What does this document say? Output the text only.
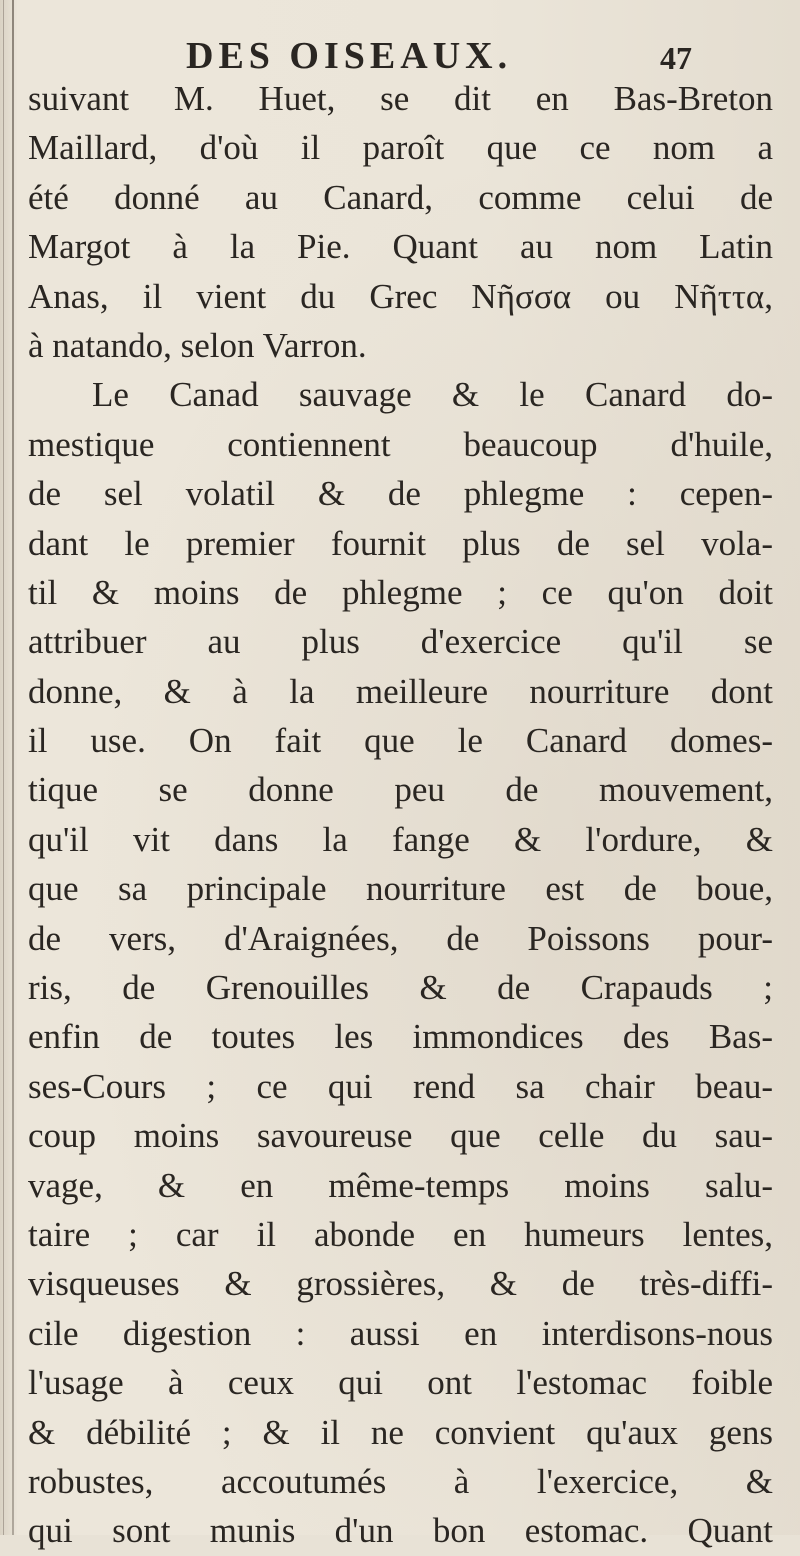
DES OISEAUX.	47
suivant M. Huet, se dit en Bas-Breton
Maillard, d'où il paroît que ce nom a
été donné au Canard, comme celui de
Margot à la Pie. Quant au nom Latin
Anas, il vient du Grec Νῆσσα ou Νῆττα,
à natando, selon Varron.
Le Canad sauvage & le Canard do-
mestique contiennent beaucoup d'huile,
de sel volatil & de phlegme : cepen-
dant le premier fournit plus de sel vola-
til & moins de phlegme ; ce qu'on doit
attribuer au plus d'exercice qu'il se
donne, & à la meilleure nourriture dont
il use. On fait que le Canard domes-
tique se donne peu de mouvement,
qu'il vit dans la fange & l'ordure, &
que sa principale nourriture est de boue,
de vers, d'Araignées, de Poissons pour-
ris, de Grenouilles & de Crapauds ;
enfin de toutes les immondices des Bas-
ses-Cours ; ce qui rend sa chair beau-
coup moins savoureuse que celle du sau-
vage, & en même-temps moins salu-
taire ; car il abonde en humeurs lentes,
visqueuses & grossières, & de très-diffi-
cile digestion : aussi en interdisons-nous
l'usage à ceux qui ont l'estomac foible
& débilité ; & il ne convient qu'aux gens
robustes, accoutumés à l'exercice, &
qui sont munis d'un bon estomac. Quant
